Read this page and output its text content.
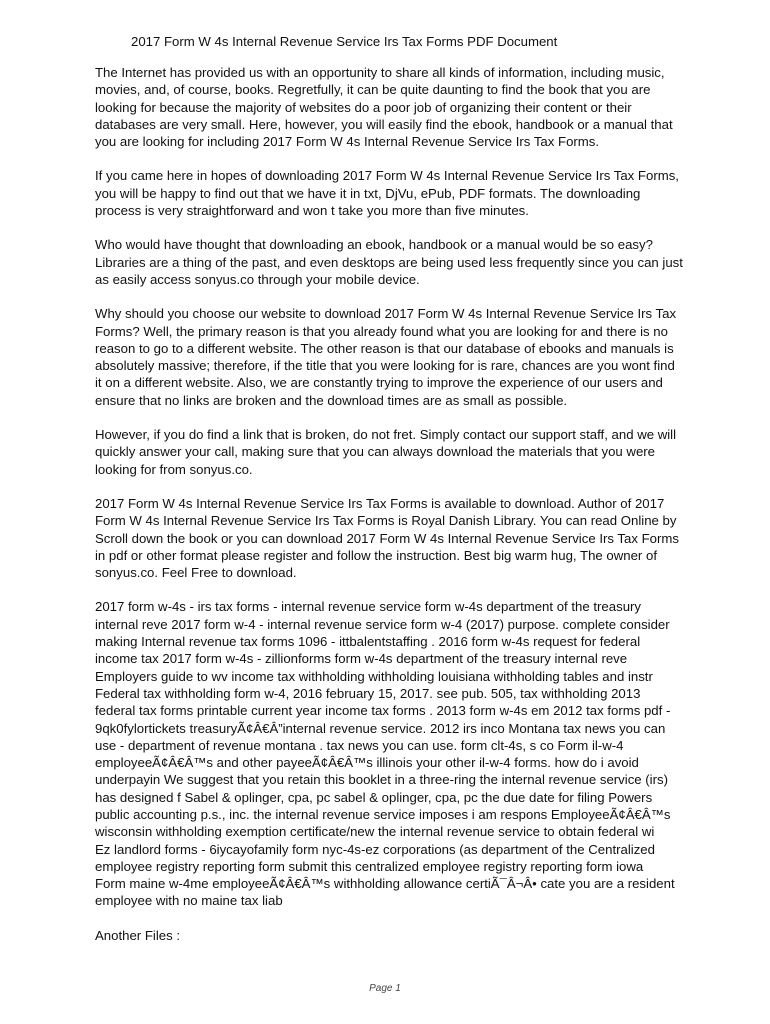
2017 Form W 4s Internal Revenue Service Irs Tax Forms PDF Document
The Internet has provided us with an opportunity to share all kinds of information, including music,
movies, and, of course, books. Regretfully, it can be quite daunting to find the book that you are
looking for because the majority of websites do a poor job of organizing their content or their
databases are very small. Here, however, you will easily find the ebook, handbook or a manual that
you are looking for including 2017 Form W 4s Internal Revenue Service Irs Tax Forms.
If you came here in hopes of downloading 2017 Form W 4s Internal Revenue Service Irs Tax Forms,
you will be happy to find out that we have it in txt, DjVu, ePub, PDF formats. The downloading
process is very straightforward and won t take you more than five minutes.
Who would have thought that downloading an ebook, handbook or a manual would be so easy?
Libraries are a thing of the past, and even desktops are being used less frequently since you can just
as easily access sonyus.co through your mobile device.
Why should you choose our website to download 2017 Form W 4s Internal Revenue Service Irs Tax
Forms? Well, the primary reason is that you already found what you are looking for and there is no
reason to go to a different website. The other reason is that our database of ebooks and manuals is
absolutely massive; therefore, if the title that you were looking for is rare, chances are you wont find
it on a different website. Also, we are constantly trying to improve the experience of our users and
ensure that no links are broken and the download times are as small as possible.
However, if you do find a link that is broken, do not fret. Simply contact our support staff, and we will
quickly answer your call, making sure that you can always download the materials that you were
looking for from sonyus.co.
2017 Form W 4s Internal Revenue Service Irs Tax Forms is available to download. Author of 2017
Form W 4s Internal Revenue Service Irs Tax Forms is Royal Danish Library. You can read Online by
Scroll down the book or you can download 2017 Form W 4s Internal Revenue Service Irs Tax Forms
in pdf or other format please register and follow the instruction. Best big warm hug, The owner of
sonyus.co. Feel Free to download.
2017 form w-4s - irs tax forms - internal revenue service form w-4s department of the treasury
internal reve 2017 form w-4 - internal revenue service form w-4 (2017) purpose. complete consider
making Internal revenue tax forms 1096 - ittbalentstaffing . 2016 form w-4s request for federal
income tax 2017 form w-4s - zillionforms form w-4s department of the treasury internal reve
Employers guide to wv income tax withholding withholding louisiana withholding tables and instr
Federal tax withholding form w-4, 2016 february 15, 2017. see pub. 505, tax withholding 2013
federal tax forms printable current year income tax forms . 2013 form w-4s em 2012 tax forms pdf -
9qk0fylortickets treasuryÃ¢Â€Â”internal revenue service. 2012 irs inco Montana tax news you can
use - department of revenue montana . tax news you can use. form clt-4s, s co Form il-w-4
employeeÃ¢Â€Â™s and other payeeÃ¢Â€Â™s illinois your other il-w-4 forms. how do i avoid
underpayin We suggest that you retain this booklet in a three-ring the internal revenue service (irs)
has designed f Sabel & oplinger, cpa, pc sabel & oplinger, cpa, pc the due date for filing Powers
public accounting p.s., inc. the internal revenue service imposes i am respons EmployeeÃ¢Â€Â™s
wisconsin withholding exemption certificate/new the internal revenue service to obtain federal wi
Ez landlord forms - 6iycayofamily form nyc-4s-ez corporations (as department of the Centralized
employee registry reporting form submit this centralized employee registry reporting form iowa
Form maine w-4me employeeÃ¢Â€Â™s withholding allowance certiÃ¯Â¬Â• cate you are a resident
employee with no maine tax liab
Another Files :
Page 1
